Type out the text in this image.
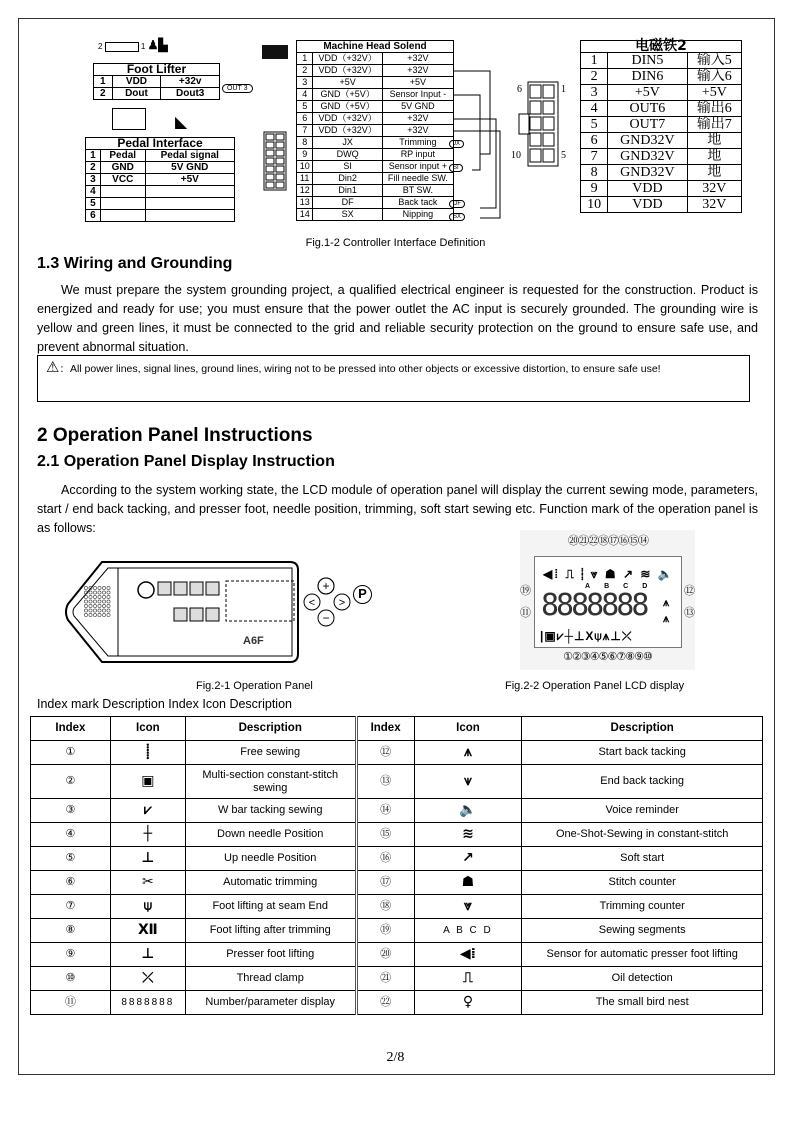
2	1 ♟▙
Foot Lifter		
1	VDD	+32v
2	Dout	Dout3	OUT 3
◣
Pedal Interface		
1	Pedal	Pedal signal
2	GND	5V GND
3	VCC	+5V
4		
5		
6		
Machine Head Solend		
1	VDD（+32V）	+32V
2	VDD（+32V）	+32V
3	+5V	+5V
4	GND（+5V）	Sensor Input -
5	GND（+5V）	5V GND
6	VDD（+32V）	+32V
7	VDD（+32V）	+32V
8	JX	Trimming
9	DWQ	RP input
10	SI	Sensor input +
11	Din2	Fill needle SW.
12	Din1	BT SW.
13	DF	Back tack
14	SX	Nipping
JX
SI
DF
SX
6	1
10	5
电磁铁2		
1	DIN5	输入5
2	DIN6	输入6
3	+5V	+5V
4	OUT6	输出6
5	OUT7	输出7
6	GND32V	地
7	GND32V	地
8	GND32V	地
9	VDD	32V
10	VDD	32V
Fig.1-2 Controller Interface Definition
1.3 Wiring and Grounding

We must prepare the system grounding project, a qualified electrical engineer is requested for the construction. Product is energized and ready for use; you must ensure that the power outlet the AC input is securely grounded. The grounding wire is yellow and green lines, it must be connected to the grid and reliable security protection on the ground to ensure safe use, and prevent abnormal situation.

⚠：All power lines, signal lines, ground lines, wiring not to be pressed into other objects or excessive distortion, to ensure safe use!
2 Operation Panel Instructions
2.1 Operation Panel Display Instruction

According to the system working state, the LCD module of operation panel will display the current sewing mode, parameters, start / end back tacking, and presser foot, needle position, trimming, soft start sewing etc. Function mark of the operation panel is as follows:

+
−
< >
P
A6F
⑳㉑㉒⑱⑰⑯⑮⑭
◀⁞ ⎍ ⸽ ⩔ ☗ ↗ ≋ 🔈
ABCD
8888888 ⩚
⩚
|▣⩗┼⊥X⍦⩚⊥⤫
⑲
⑪

⑫
⑬

①②③④⑤⑥⑦⑧⑨⑩
Fig.2-1 Operation Panel	Fig.2-2 Operation Panel LCD display
Index mark Description Index Icon Description
Index	Icon	Description	Index	Icon	Description
①	⸽	Free sewing	⑫	⩚	Start back tacking
②	▣	Multi-section constant-stitch sewing	⑬	⩛	End back tacking
③	⩗	W bar tacking sewing	⑭	🔈	Voice reminder
④	┼	Down needle Position	⑮	≋	One-Shot-Sewing in constant-stitch
⑤	⊥	Up needle Position	⑯	↗	Soft start
⑥	✂	Automatic trimming	⑰	☗	Stitch counter
⑦	⍦	Foot lifting at seam End	⑱	⩔	Trimming counter
⑧	Ⅻ	Foot lifting after trimming	⑲	A B C D	Sewing segments
⑨	⊥	Presser foot lifting	⑳	◀⁞	Sensor for automatic presser foot lifting
⑩	⤫	Thread clamp	㉑	⎍	Oil detection
⑪	8888888	Number/parameter display	㉒	♀	The small bird nest
2/8
